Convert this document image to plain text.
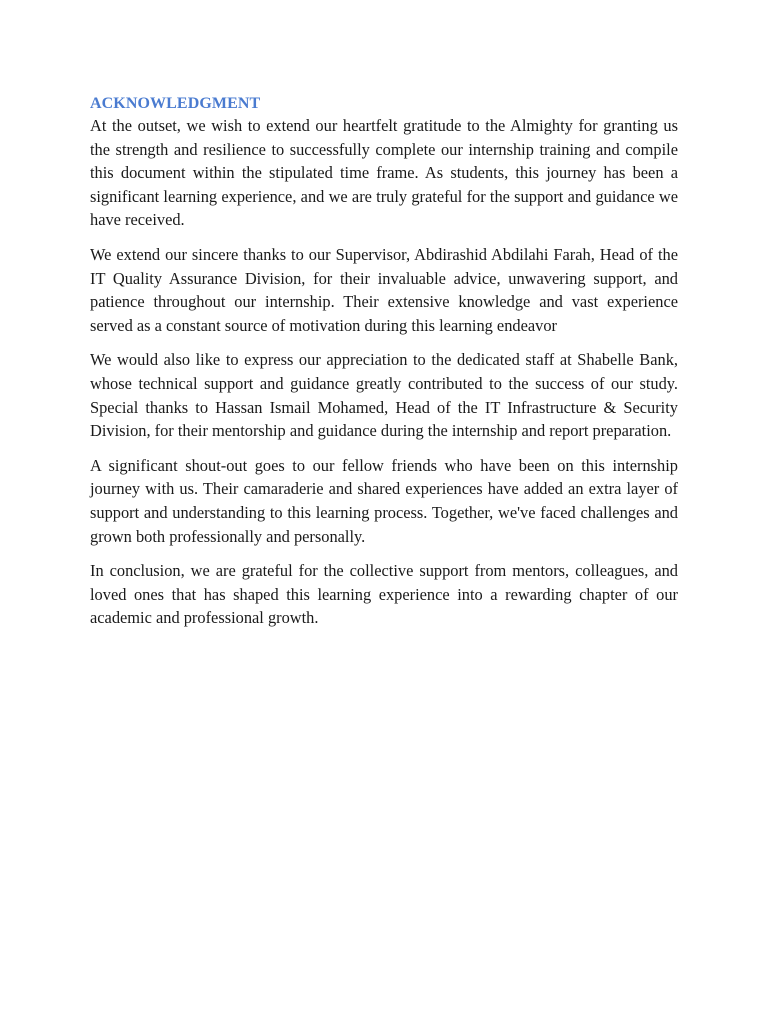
ACKNOWLEDGMENT

At the outset, we wish to extend our heartfelt gratitude to the Almighty for granting us the strength and resilience to successfully complete our internship training and compile this document within the stipulated time frame. As students, this journey has been a significant learning experience, and we are truly grateful for the support and guidance we have received.

We extend our sincere thanks to our Supervisor, Abdirashid Abdilahi Farah, Head of the IT Quality Assurance Division, for their invaluable advice, unwavering support, and patience throughout our internship. Their extensive knowledge and vast experience served as a constant source of motivation during this learning endeavor

We would also like to express our appreciation to the dedicated staff at Shabelle Bank, whose technical support and guidance greatly contributed to the success of our study. Special thanks to Hassan Ismail Mohamed, Head of the IT Infrastructure & Security Division, for their mentorship and guidance during the internship and report preparation.

A significant shout-out goes to our fellow friends who have been on this internship journey with us. Their camaraderie and shared experiences have added an extra layer of support and understanding to this learning process. Together, we've faced challenges and grown both professionally and personally.

In conclusion, we are grateful for the collective support from mentors, colleagues, and loved ones that has shaped this learning experience into a rewarding chapter of our academic and professional growth.
